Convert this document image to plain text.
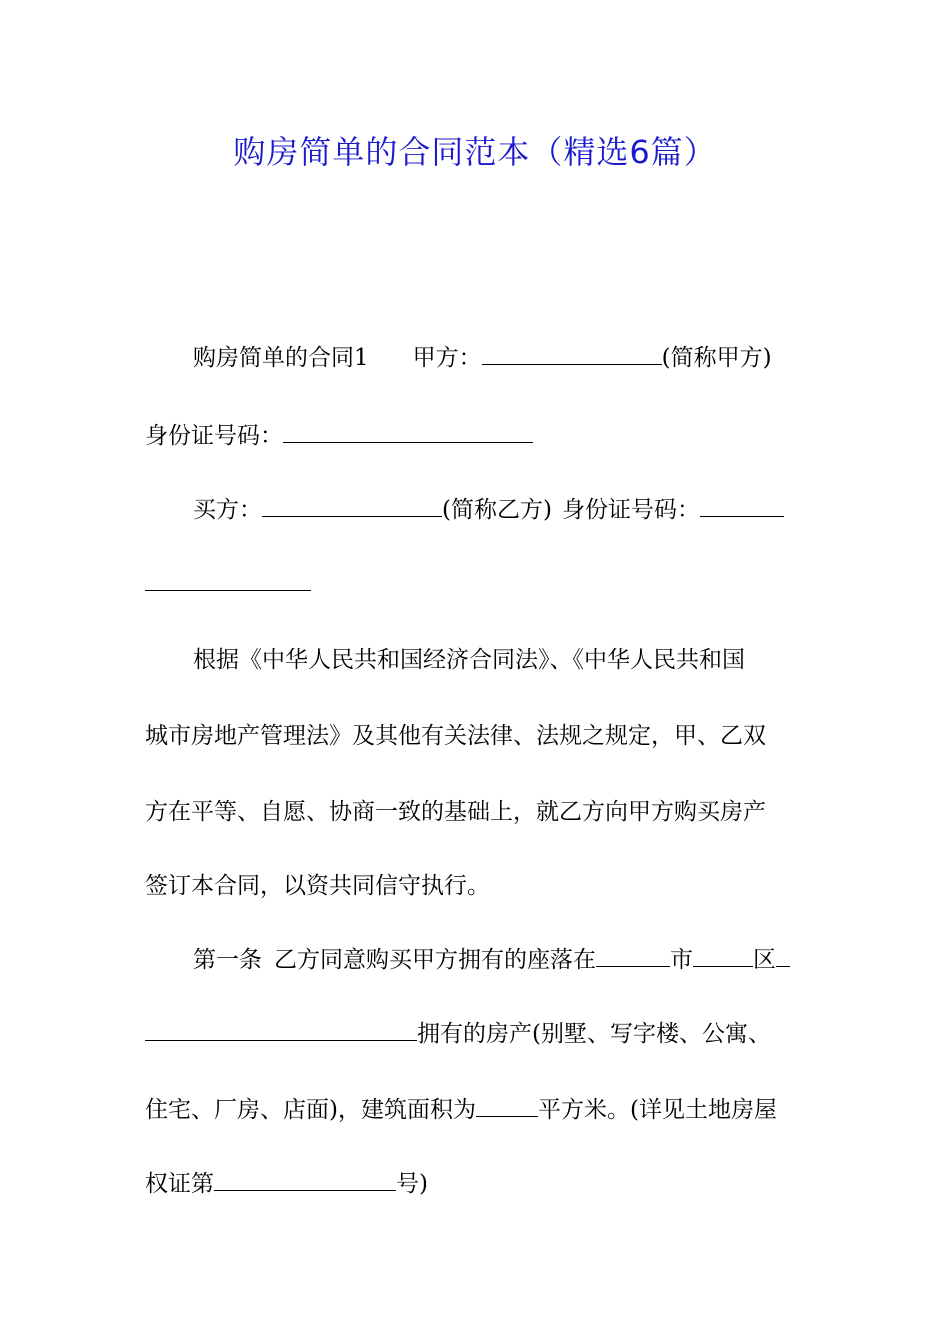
购房简单的合同范本（精选6篇）
购房简单的合同1 甲方：	(简称甲方)
身份证号码：
买方：	(简称乙方) 身份证号码：
根据《中华人民共和国经济合同法》、《中华人民共和国
城市房地产管理法》及其他有关法律、法规之规定，甲、乙双
方在平等、自愿、协商一致的基础上，就乙方向甲方购买房产
签订本合同，以资共同信守执行。
第一条 乙方同意购买甲方拥有的座落在	市	区
拥有的房产(别墅、写字楼、公寓、
住宅、厂房、店面)，建筑面积为	平方米。(详见土地房屋
权证第	号)
